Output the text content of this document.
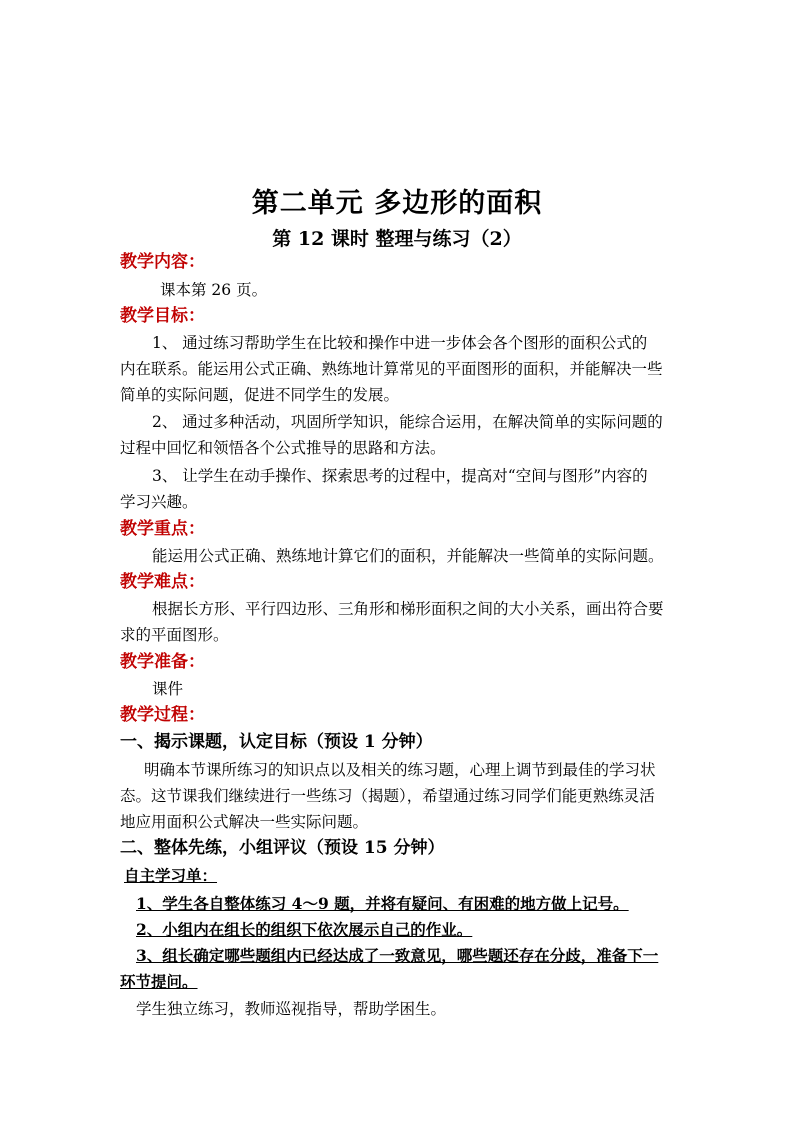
第二单元 多边形的面积
第 12 课时 整理与练习（2）
教学内容：
课本第 26 页。
教学目标：
1、 通过练习帮助学生在比较和操作中进一步体会各个图形的面积公式的
内在联系。能运用公式正确、熟练地计算常见的平面图形的面积，并能解决一些
简单的实际问题，促进不同学生的发展。
2、 通过多种活动，巩固所学知识，能综合运用，在解决简单的实际问题的
过程中回忆和领悟各个公式推导的思路和方法。
3、 让学生在动手操作、探索思考的过程中，提高对“空间与图形”内容的
学习兴趣。
教学重点：
能运用公式正确、熟练地计算它们的面积，并能解决一些简单的实际问题。
教学难点：
根据长方形、平行四边形、三角形和梯形面积之间的大小关系，画出符合要
求的平面图形。
教学准备：
课件
教学过程：
一、揭示课题，认定目标（预设 1 分钟）
明确本节课所练习的知识点以及相关的练习题，心理上调节到最佳的学习状
态。这节课我们继续进行一些练习（揭题），希望通过练习同学们能更熟练灵活
地应用面积公式解决一些实际问题。
二、整体先练，小组评议（预设 15 分钟）
自主学习单：
1、学生各自整体练习 4～9 题，并将有疑问、有困难的地方做上记号。
2、小组内在组长的组织下依次展示自己的作业。
3、组长确定哪些题组内已经达成了一致意见，哪些题还存在分歧，准备下一
环节提问。
学生独立练习，教师巡视指导，帮助学困生。
